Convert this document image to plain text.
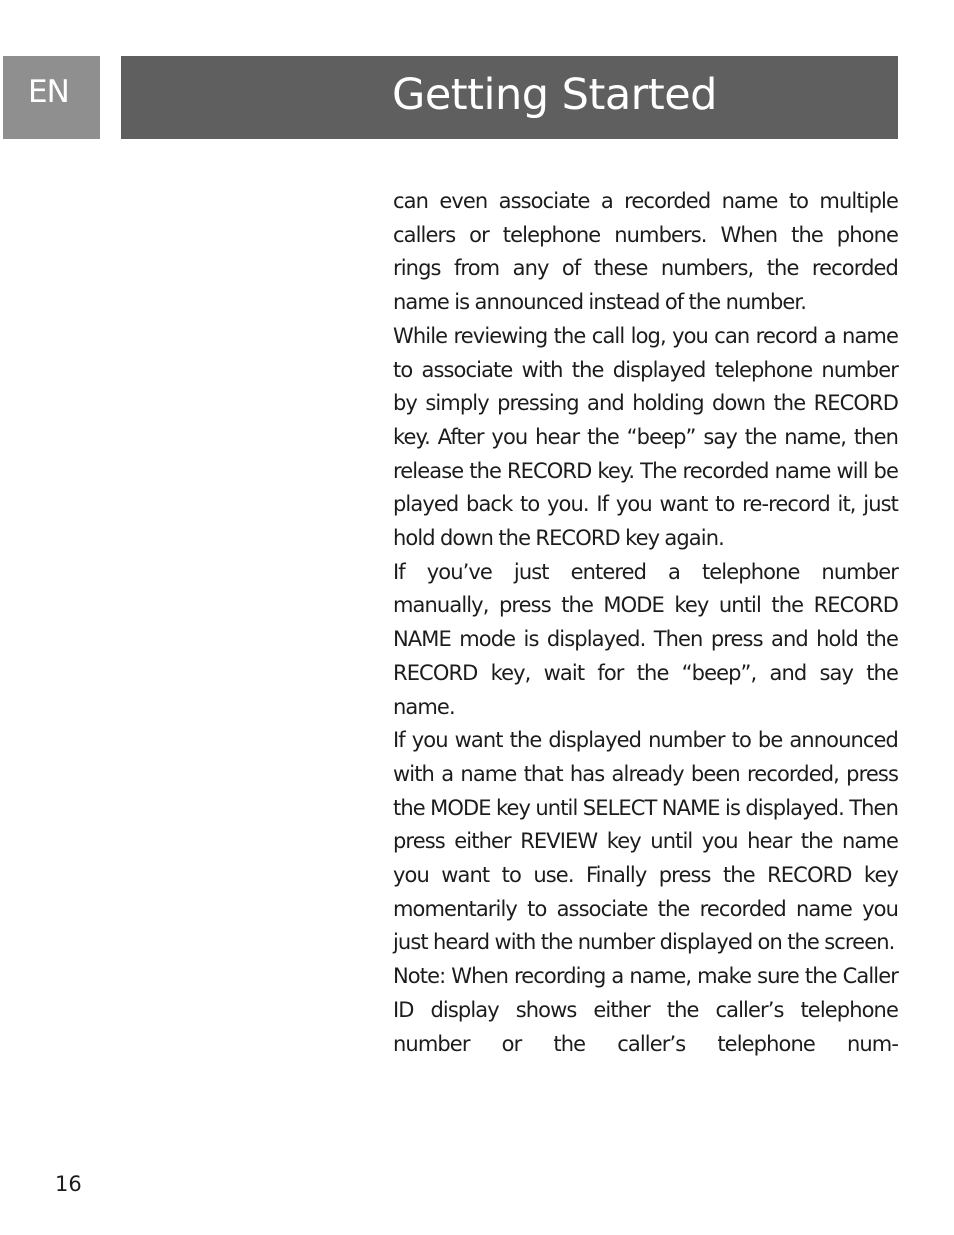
EN	Getting Started

can even associate a recorded name to multiple callers or telephone numbers. When the phone rings from any of these numbers, the recorded name is announced instead of the number.

While reviewing the call log, you can record a name to associate with the displayed telephone number by simply pressing and holding down the RECORD key. After you hear the “beep” say the name, then release the RECORD key. The recorded name will be played back to you. If you want to re-record it, just hold down the RECORD key again.

If you’ve just entered a telephone number manually, press the MODE key until the RECORD NAME mode is displayed. Then press and hold the RECORD key, wait for the “beep”, and say the name.

If you want the displayed number to be announced with a name that has already been recorded, press the MODE key until SELECT NAME is displayed. Then press either REVIEW key until you hear the name you want to use. Finally press the RECORD key momentarily to associate the recorded name you just heard with the number displayed on the screen.

Note: When recording a name, make sure the Caller ID display shows either the caller’s telephone number or the caller’s telephone num-

16
